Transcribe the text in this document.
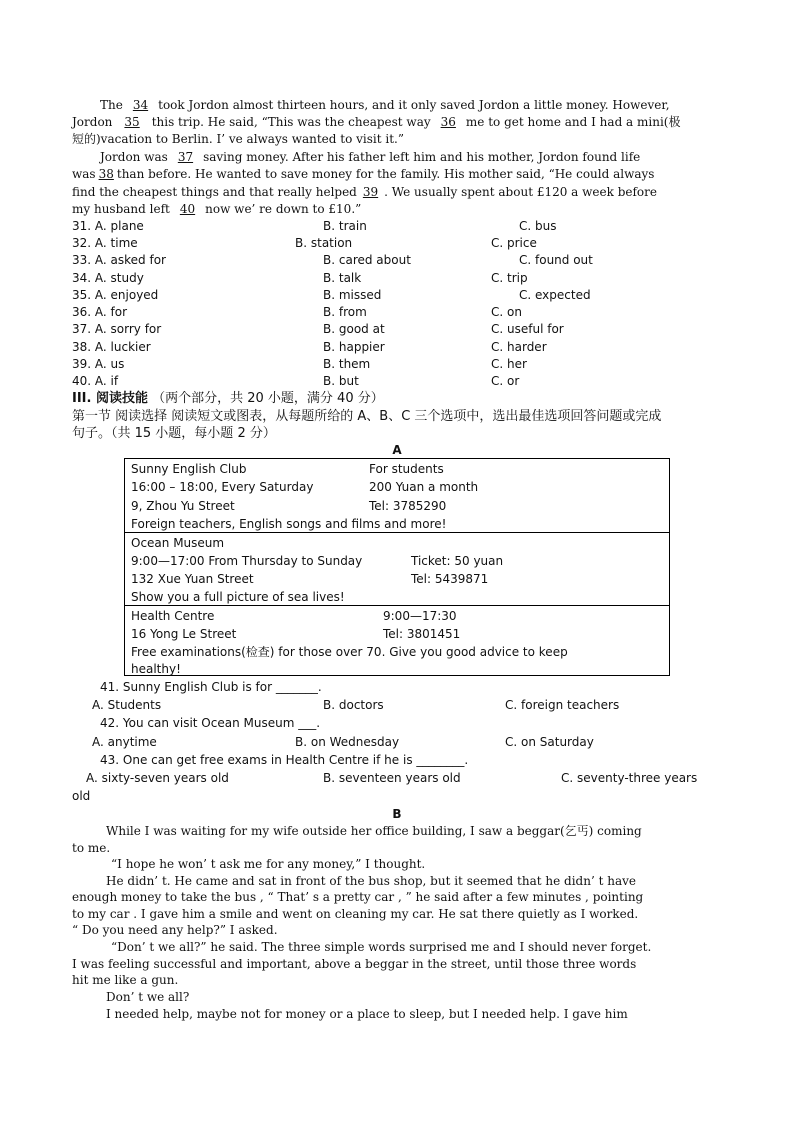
The 34 took Jordon almost thirteen hours, and it only saved Jordon a little money. However,
Jordon 35 this trip. He said, “This was the cheapest way 36 me to get home and I had a mini(极
短的)vacation to Berlin. I’ ve always wanted to visit it.”
Jordon was 37 saving money. After his father left him and his mother, Jordon found life
was 38 than before. He wanted to save money for the family. His mother said, “He could always
find the cheapest things and that really helped 39 . We usually spent about £120 a week before
my husband left 40 now we’ re down to £10.”
31. A. plane	B. train	C. bus
32. A. time	B. station	C. price
33. A. asked for	B. cared about	C. found out
34. A. study	B. talk	C. trip
35. A. enjoyed	B. missed	C. expected
36. A. for	B. from	C. on
37. A. sorry for	B. good at	C. useful for
38. A. luckier	B. happier	C. harder
39. A. us	B. them	C. her
40. A. if	B. but	C. or
III. 阅读技能 （两个部分，共 20 小题，满分 40 分）
第一节 阅读选择 阅读短文或图表，从每题所给的 A、B、C 三个选项中，选出最佳选项回答问题或完成
句子。（共 15 小题，每小题 2 分）
A
Sunny English Club	For students
16:00 – 18:00, Every Saturday	200 Yuan a month
9, Zhou Yu Street	Tel: 3785290
Foreign teachers, English songs and films and more!
Ocean Museum
9:00—17:00 From Thursday to Sunday	Ticket: 50 yuan
132 Xue Yuan Street	Tel: 5439871
Show you a full picture of sea lives!
Health Centre	9:00—17:30
16 Yong Le Street	Tel: 3801451
Free examinations(检查) for those over 70. Give you good advice to keep
healthy!
41. Sunny English Club is for _______.
A. Students	B. doctors	C. foreign teachers
42. You can visit Ocean Museum ___.
A. anytime	B. on Wednesday	C. on Saturday
43. One can get free exams in Health Centre if he is ________.
A. sixty-seven years old	B. seventeen years old	C. seventy-three years
old
B
While I was waiting for my wife outside her office building, I saw a beggar(乞丐) coming
to me.
“I hope he won’ t ask me for any money,” I thought.
He didn’ t. He came and sat in front of the bus shop, but it seemed that he didn’ t have
enough money to take the bus , “ That’ s a pretty car , ” he said after a few minutes , pointing
to my car . I gave him a smile and went on cleaning my car. He sat there quietly as I worked.
“ Do you need any help?” I asked.
“Don’ t we all?” he said. The three simple words surprised me and I should never forget.
I was feeling successful and important, above a beggar in the street, until those three words
hit me like a gun.
Don’ t we all?
I needed help, maybe not for money or a place to sleep, but I needed help. I gave him
